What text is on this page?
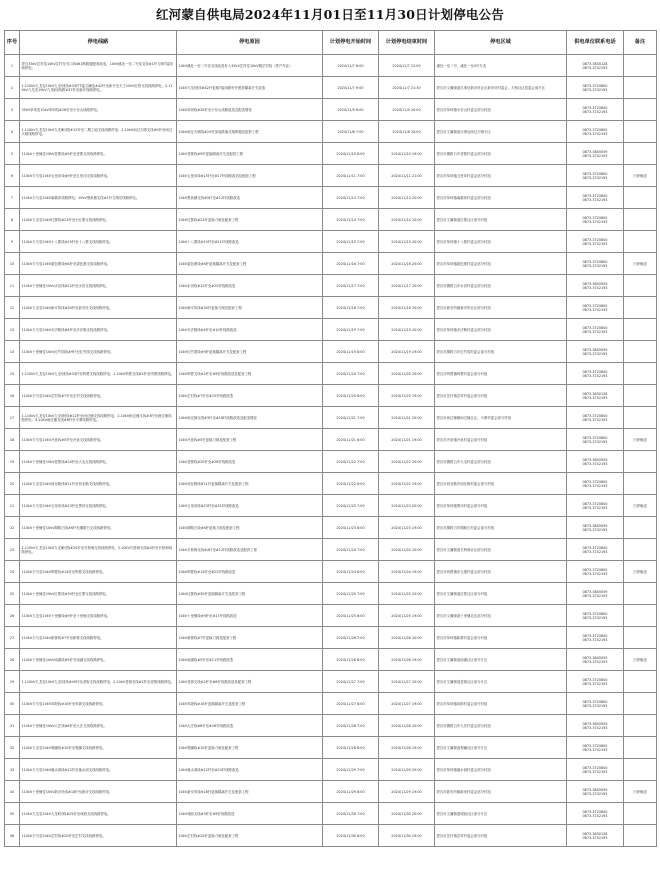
红河蒙自供电局2024年11月01日至11月30日计划停电公告
序号	停电线路	停电原因	计划停电开始时间	计划停电结束时间	停电区域	供电单位联系电话	备注
1	蒙自35kV芷村变10kV芷村至关口线461断路器配套改造，10kV溪处一至二号变支线#1杆刀闸T接线路停电。	10kV溪处一至二号变支线改造补入35kV芷村变10kV侧芷村线（蒙产作业）	2024/11/7 8:00	2024/11/7 12:00	溪处一至二号，溪处一至4号专变	0873-3830128
0873-3742193	

2	1.110kV九龙变10kV九龙Ⅰ回线#33杆T接文澜变#42杆至新开至天王10kV红桥支线线路停电；2.110kV九龙变10kV九龙Ⅱ回线路#37杆至新开线路停电。	10kV九龙Ⅰ回线#42杆更换T接线路杆并配套隔离开关改造	2024/11/7 9:00	2024/11/7 21:30	蒙自市文澜街道办事处新安所社区新安所村委会、天桥社区居委会南片区	0873-3720800
0873-3742193	

3	35kV草坝变10kV草坝线#28杆至小东山线路停电。	10kV草坝线#28杆至小东山线路改造及配变增容	2024/11/9 8:00	2024/11/9 20:00	蒙自市草坝镇小东山村委会部分村组	0873-3720800
0873-3742193	

4	1.110kV九龙变10kV九龙Ⅲ回线#12杆至二期工地支线线路停电；2.10kV雨过天晴支线#9杆至雨过天晴线路停电。	10kV雨过天晴线#15杆加装跌落式熔断器及配套工程	2024/11/8 7:00	2024/11/8 20:00	蒙自市文澜街道办事处雨过天晴小区	0873-3720800
0873-3742193	

5	110kV十里铺变10kV老寨线#9杆至老寨支线线路停电。	10kV老寨线#9杆更换隔离开关及配套工程	2024/11/10 8:00	2024/11/10 19:00	蒙自市期路白乡老寨村委会部分村组	0873-3845059
0873-3742193	

6	110kV天马变10kV五里冲线#9杆至五里冲支线线路停电。	10kV五里冲线#15杆至#17杆线路改造及配套工程	2024/11/11 7:00	2024/11/11 21:00	蒙自市草坝镇五里冲村委会部分村组	0873-3720800
0873-3742193	白停晚送
7	110kV天马变10kV麻栗冲线路停电；10kV黑鱼塘支线#1杆刀闸后线路停电。	10kV黑鱼塘支线#5杆至#12杆线路改造	2024/11/13 7:00	2024/11/13 20:00	蒙自市草坝镇麻栗冲村委会部分村组	0873-3720800
0873-3742193	

8	110kV九龙变10kV红寨线#23杆至小红寨支线线路停电。	10kV红寨线#23杆更换刀闸及配套工程	2024/11/14 7:00	2024/11/14 20:00	蒙自市文澜街道红寨社区部分村组	0873-3720800
0873-3742193	

9	110kV天马变10kV十八寨线#15杆至十八寨支线线路停电。	10kV十八寨线#15杆至#21杆线路改造	2024/11/15 7:00	2024/11/15 20:00	蒙自市草坝镇十八寨村委会部分村组	0873-3720800
0873-3742193	

10	110kV天马变10kV碧色寨线#6杆至碧色寨支线线路停电。	10kV碧色寨线#6杆更换隔离开关及配套工程	2024/11/16 7:00	2024/11/16 20:00	蒙自市草坝镇碧色寨村委会部分村组	0873-3720800
0873-3742193	白停晚送
11	110kV十里铺变10kV水田线#12杆至水田支线线路停电。	10kV水田线#12杆至#20杆线路改造	2024/11/17 7:00	2024/11/17 20:00	蒙自市期路白乡水田村委会部分村组	0873-3845059
0873-3742193	

12	110kV九龙变10kV新安所线#30杆至新安所支线线路停电。	10kV新安所线#30杆更换刀闸及配套工程	2024/11/18 7:00	2024/11/18 20:00	蒙自市新安所镇新安所社区部分村组	0873-3720800
0873-3742193	

13	110kV天马变10kV多法勒线#4杆至多法勒支线线路停电。	10kV多法勒线#4杆至#10杆线路改造	2024/11/19 7:00	2024/11/19 20:00	蒙自市草坝镇多法勒村委会部分村组	0873-3720800
0873-3742193	

14	110kV十里铺变10kV红竹园线#9杆至红竹园支线线路停电。	10kV红竹园线#9杆更换隔离开关及配套工程	2024/11/19 8:00	2024/11/19 19:00	蒙自市期路白乡红竹园村委会部分村组	0873-3845059
0873-3742193	

15	1.110kV九龙变10kV九龙Ⅰ回线#33杆至鸣鹫支线线路停电；2.10kV鸣鹫支线#2杆至鸣鹫线路停电。	10kV鸣鹫支线#2杆至#9杆线路改造及配套工程	2024/11/20 7:00	2024/11/20 20:00	蒙自市鸣鹫镇鸣鹫村委会部分村组	0873-3720800
0873-3742193	

16	110kV天马变10kV芷村线#7杆至芷村支线线路停电。	10kV芷村线#7杆至#15杆线路改造	2024/11/20 8:00	2024/11/20 19:00	蒙自市芷村镇芷村村委会部分村组	0873-3830128
0873-3742193	

17	1.110kV九龙变10kV九龙Ⅱ回线#12杆至雨过铺支线线路停电；2.10kV雨过铺支线#3杆至雨过铺线路停电；3.10kV雨过铺支线#8杆至小寨线路停电。	10kV雨过铺支线#3杆至#18杆线路改造及配变增容	2024/11/21 7:00	2024/11/21 20:00	蒙自市雨过铺镇雨过铺社区、小寨村委会部分村组	0873-3720800
0873-3742193	

18	110kV天马变10kV冷泉线#5杆至冷泉支线线路停电。	10kV冷泉线#5杆更换刀闸及配套工程	2024/11/21 8:00	2024/11/21 19:00	蒙自市冷泉镇冷泉村委会部分村组	0873-3720800
0873-3742193	白停晚送
19	110kV十里铺变10kV老寨线#20杆至大屯支线线路停电。	10kV老寨线#20杆至#28杆线路改造	2024/11/22 7:00	2024/11/22 20:00	蒙自市期路白乡大屯村委会部分村组	0873-3845059
0873-3742193	

20	110kV九龙变10kV西北勒线#11杆至西北勒支线线路停电。	10kV西北勒线#11杆更换隔离开关及配套工程	2024/11/22 8:00	2024/11/22 19:00	蒙自市西北勒乡西北勒村委会部分村组	0873-3720800
0873-3742193	

21	110kV天马变10kV五里冲线#23杆至黑冲支线线路停电。	10kV五里冲线#23杆至#31杆线路改造	2024/11/23 7:00	2024/11/23 20:00	蒙自市草坝镇黑冲村委会部分村组	0873-3720800
0873-3742193	白停晚送
22	110kV十里铺变10kV期路白线#6杆至期路白支线线路停电。	10kV期路白线#6杆更换刀闸及配套工程	2024/11/23 8:00	2024/11/23 19:00	蒙自市期路白乡期路白村委会部分村组	0873-3845059
0873-3742193	

23	1.110kV九龙变10kV九龙Ⅲ回线#20杆至长桥海支线线路停电；2.10kV长桥海支线#4杆至长桥海线路停电。	10kV长桥海支线#4杆至#12杆线路改造及配套工程	2024/11/24 7:00	2024/11/24 20:00	蒙自市文澜街道长桥海社区部分村组	0873-3720800
0873-3742193	

24	110kV天马变10kV鸣鹫线#14杆至鸣鹫支线线路停电。	10kV鸣鹫线#14杆至#22杆线路改造	2024/11/24 8:00	2024/11/24 19:00	蒙自市鸣鹫镇布衣透村委会部分村组	0873-3720800
0873-3742193	白停晚送
25	110kV十里铺变10kV红寨线#30杆至红寨支线线路停电。	10kV红寨线#30杆更换隔离开关及配套工程	2024/11/25 7:00	2024/11/25 20:00	蒙自市文澜街道红寨社区部分村组	0873-3845059
0873-3742193	

26	110kV九龙变10kV十里铺线#9杆至十里铺支线线路停电。	10kV十里铺线#9杆至#17杆线路改造	2024/11/25 8:00	2024/11/25 19:00	蒙自市文澜街道十里铺社区部分村组	0873-3720800
0873-3742193	

27	110kV天马变10kV新寨线#7杆至新寨支线线路停电。	10kV新寨线#7杆更换刀闸及配套工程	2024/11/26 7:00	2024/11/26 20:00	蒙自市草坝镇新寨村委会部分村组	0873-3720800
0873-3742193	

28	110kV十里铺变10kV南湖线#5杆至南湖支线线路停电。	10kV南湖线#5杆至#11杆线路改造	2024/11/26 8:00	2024/11/26 19:00	蒙自市文澜街道南湖社区部分片区	0873-3845059
0873-3742193	白停晚送
29	1.110kV九龙变10kV九龙Ⅰ回线#40杆至老街支线线路停电；2.10kV老街支线#2杆至老街线路停电。	10kV老街支线#2杆至#8杆线路改造及配套工程	2024/11/27 7:00	2024/11/27 20:00	蒙自市文澜街道老街社区部分片区	0873-3720800
0873-3742193	

30	110kV天马变10kV鸡街线#16杆至鸡街支线线路停电。	10kV鸡街线#16杆更换隔离开关及配套工程	2024/11/27 8:00	2024/11/27 19:00	蒙自市草坝镇鸡街村委会部分村组	0873-3720800
0873-3742193	

31	110kV十里铺变10kV大庄线#8杆至大庄支线线路停电。	10kV大庄线#8杆至#16杆线路改造	2024/11/28 7:00	2024/11/28 20:00	蒙自市期路白乡大庄村委会部分村组	0873-3845059
0873-3742193	

32	110kV九龙变10kV观澜线#10杆至观澜支线线路停电。	10kV观澜线#10杆更换刀闸及配套工程	2024/11/28 8:00	2024/11/28 19:00	蒙自市文澜街道观澜社区部分片区	0873-3720800
0873-3742193	

33	110kV天马变10kV落水洞线#12杆至落水洞支线线路停电。	10kV落水洞线#12杆至#20杆线路改造	2024/11/29 7:00	2024/11/29 20:00	蒙自市草坝镇落水洞村委会部分村组	0873-3720800
0873-3742193	

34	110kV十里铺变10kV新安所线#18杆至新房支线线路停电。	10kV新安所线#18杆更换隔离开关及配套工程	2024/11/29 8:00	2024/11/29 19:00	蒙自市新安所镇新房村委会部分村组	0873-3845059
0873-3742193	白停晚送
35	110kV九龙变10kV九龙Ⅱ回线#25杆至城西支线线路停电。	10kV城西支线#3杆至#9杆线路改造	2024/11/30 7:00	2024/11/30 20:00	蒙自市文澜街道城西社区部分片区	0873-3720800
0873-3742193	

36	110kV天马变10kV芷村线#20杆至芷村支线线路停电。	10kV芷村线#20杆更换刀闸及配套工程	2024/11/30 8:00	2024/11/30 19:00	蒙自市芷村镇芷村村委会部分村组	0873-3830128
0873-3742193	
